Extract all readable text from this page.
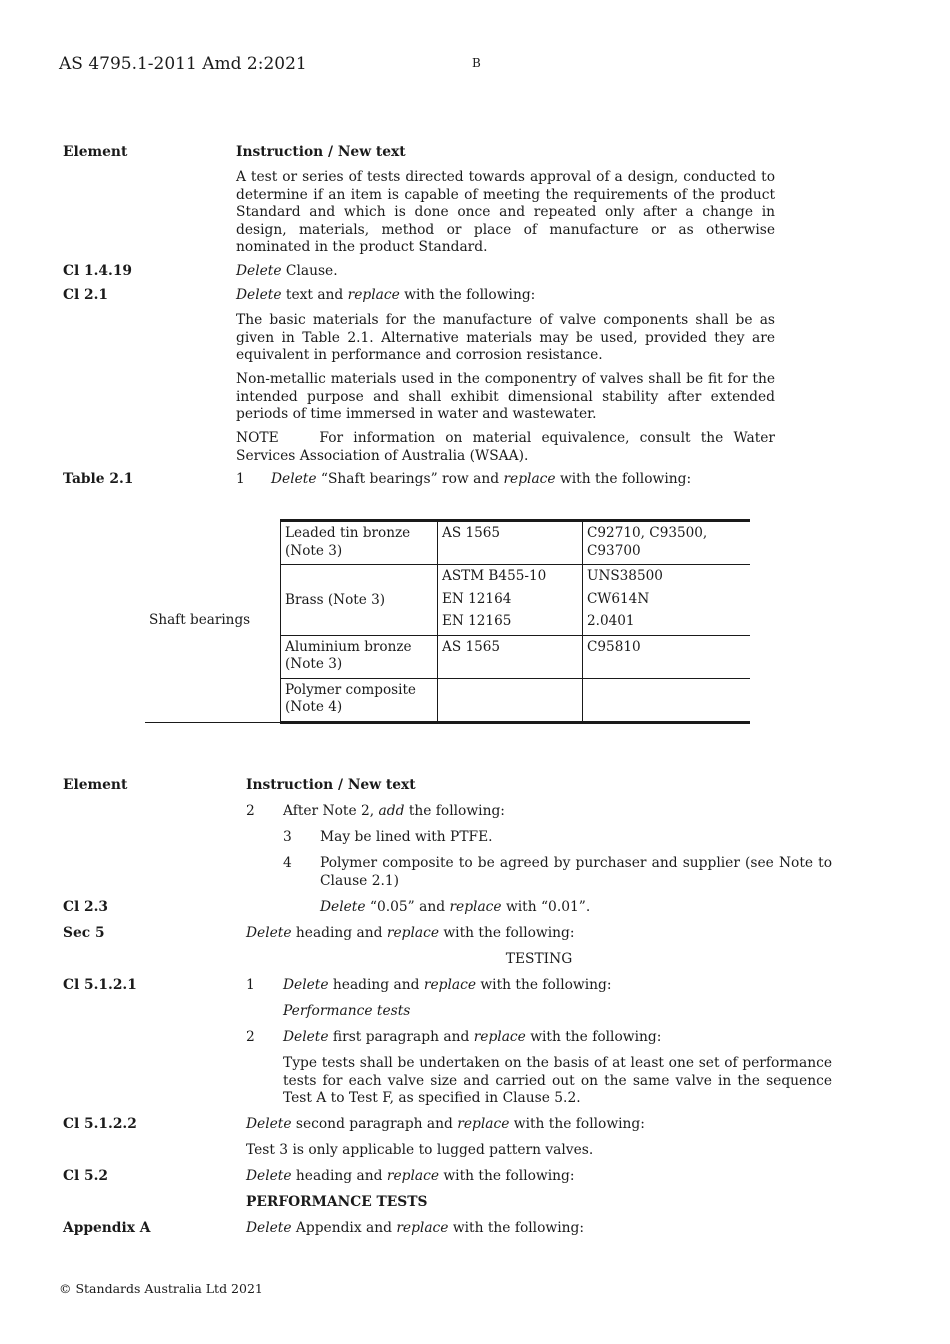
AS 4795.1-2011 Amd 2:2021	B
Element	Instruction / New text
A test or series of tests directed towards approval of a design, conducted to determine if an item is capable of meeting the requirements of the product Standard and which is done once and repeated only after a change in design, materials, method or place of manufacture or as otherwise nominated in the product Standard.
Cl 1.4.19	Delete Clause.
Cl 2.1	Delete text and replace with the following:
The basic materials for the manufacture of valve components shall be as given in Table 2.1. Alternative materials may be used, provided they are equivalent in performance and corrosion resistance.
Non-metallic materials used in the componentry of valves shall be fit for the intended purpose and shall exhibit dimensional stability after extended periods of time immersed in water and wastewater.
NOTE	For information on material equivalence, consult the Water Services Association of Australia (WSAA).
Table 2.1	1 Delete “Shaft bearings” row and replace with the following:
Shaft bearings	Leaded tin bronze (Note 3)	AS 1565	C92710, C93500, C93700
	Brass (Note 3)	ASTM B455-10	UNS38500
		EN 12164	CW614N
		EN 12165	2.0401
	Aluminium bronze (Note 3)	AS 1565	C95810
	Polymer composite (Note 4)		
Element	Instruction / New text
2 After Note 2, add the following:
3 May be lined with PTFE.
4 Polymer composite to be agreed by purchaser and supplier (see Note to Clause 2.1)
Cl 2.3	Delete “0.05” and replace with “0.01”.
Sec 5	Delete heading and replace with the following:
TESTING
Cl 5.1.2.1	1 Delete heading and replace with the following:
Performance tests
2 Delete first paragraph and replace with the following:
Type tests shall be undertaken on the basis of at least one set of performance tests for each valve size and carried out on the same valve in the sequence Test A to Test F, as specified in Clause 5.2.
Cl 5.1.2.2	Delete second paragraph and replace with the following:
Test 3 is only applicable to lugged pattern valves.
Cl 5.2	Delete heading and replace with the following:
PERFORMANCE TESTS
Appendix A	Delete Appendix and replace with the following:
© Standards Australia Ltd 2021
